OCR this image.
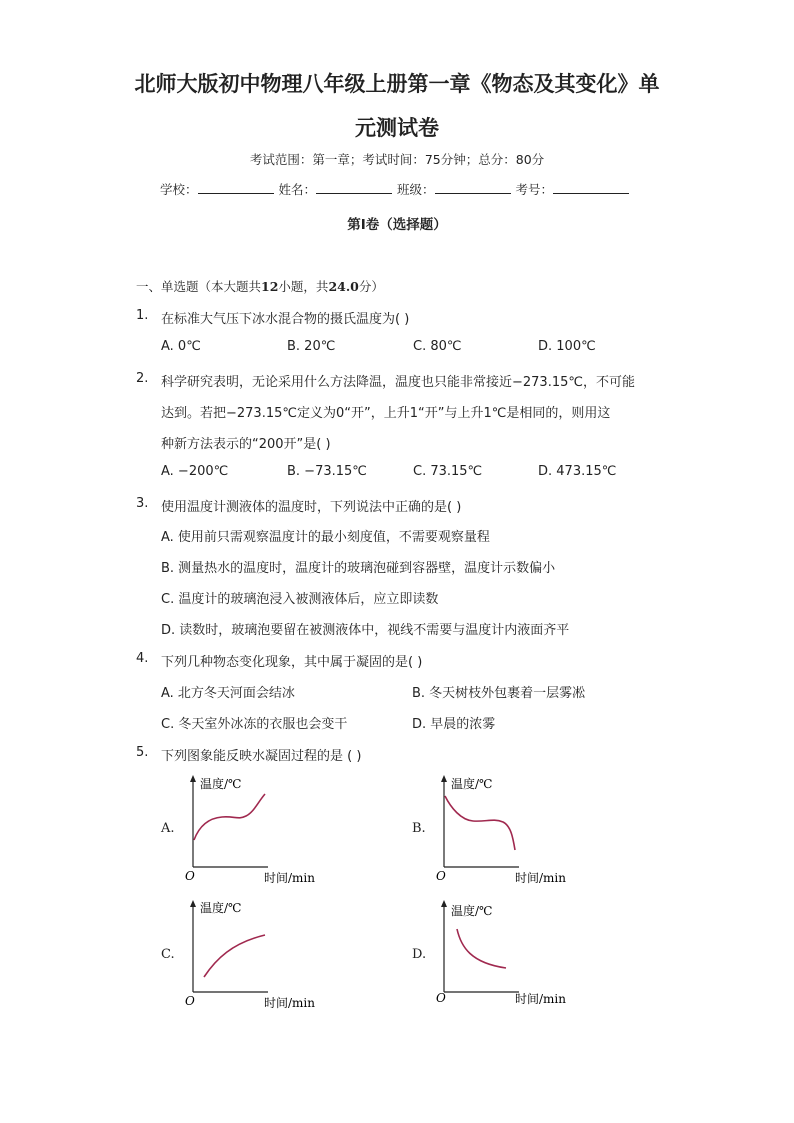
北师大版初中物理八年级上册第一章《物态及其变化》单
元测试卷
考试范围：第一章；考试时间：75分钟；总分：80分
学校：	姓名：	班级：	考号：
第I卷（选择题）
一、单选题（本大题共12小题，共24.0分）
1. 在标准大气压下冰水混合物的摄氏温度为( )
A. 0℃	B. 20℃	C. 80℃	D. 100℃
2. 科学研究表明，无论采用什么方法降温，温度也只能非常接近−273.15℃，不可能
达到。若把−273.15℃定义为0“开”，上升1“开”与上升1℃是相同的，则用这
种新方法表示的“200开”是( )
A. −200℃	B. −73.15℃	C. 73.15℃	D. 473.15℃
3. 使用温度计测液体的温度时，下列说法中正确的是( )
A. 使用前只需观察温度计的最小刻度值，不需要观察量程
B. 测量热水的温度时，温度计的玻璃泡碰到容器壁，温度计示数偏小
C. 温度计的玻璃泡浸入被测液体后，应立即读数
D. 读数时，玻璃泡要留在被测液体中，视线不需要与温度计内液面齐平
4. 下列几种物态变化现象，其中属于凝固的是( )
A. 北方冬天河面会结冰	B. 冬天树枝外包裹着一层雾凇
C. 冬天室外冰冻的衣服也会变干	D. 早晨的浓雾
5. 下列图象能反映水凝固过程的是 ( )
A.
温度/℃
O	时间/min
B.
温度/℃
O	时间/min
C.
温度/℃
O	时间/min
D.
温度/℃
O	时间/min
